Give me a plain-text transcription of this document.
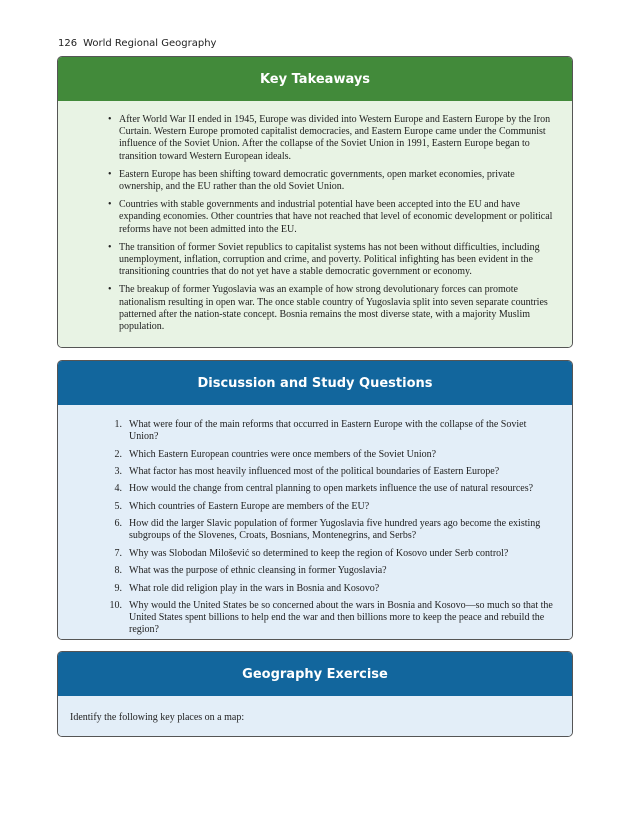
126 World Regional Geography
Key Takeaways
• After World War II ended in 1945, Europe was divided into Western Europe and Eastern Europe by the Iron Curtain. Western Europe promoted capitalist democracies, and Eastern Europe came under the Communist influence of the Soviet Union. After the collapse of the Soviet Union in 1991, Eastern Europe began to transition toward Western European ideals.
• Eastern Europe has been shifting toward democratic governments, open market economies, private ownership, and the EU rather than the old Soviet Union.
• Countries with stable governments and industrial potential have been accepted into the EU and have expanding economies. Other countries that have not reached that level of economic development or political reforms have not been admitted into the EU.
• The transition of former Soviet republics to capitalist systems has not been without difficulties, including unemployment, inflation, corruption and crime, and poverty. Political infighting has been evident in the transitioning countries that do not yet have a stable democratic government or economy.
• The breakup of former Yugoslavia was an example of how strong devolutionary forces can promote nationalism resulting in open war. The once stable country of Yugoslavia split into seven separate countries patterned after the nation-state concept. Bosnia remains the most diverse state, with a majority Muslim population.
Discussion and Study Questions
1. What were four of the main reforms that occurred in Eastern Europe with the collapse of the Soviet Union?
2. Which Eastern European countries were once members of the Soviet Union?
3. What factor has most heavily influenced most of the political boundaries of Eastern Europe?
4. How would the change from central planning to open markets influence the use of natural resources?
5. Which countries of Eastern Europe are members of the EU?
6. How did the larger Slavic population of former Yugoslavia five hundred years ago become the existing subgroups of the Slovenes, Croats, Bosnians, Montenegrins, and Serbs?
7. Why was Slobodan Milošević so determined to keep the region of Kosovo under Serb control?
8. What was the purpose of ethnic cleansing in former Yugoslavia?
9. What role did religion play in the wars in Bosnia and Kosovo?
10. Why would the United States be so concerned about the wars in Bosnia and Kosovo—so much so that the United States spent billions to help end the war and then billions more to keep the peace and rebuild the region?
Geography Exercise
Identify the following key places on a map:
